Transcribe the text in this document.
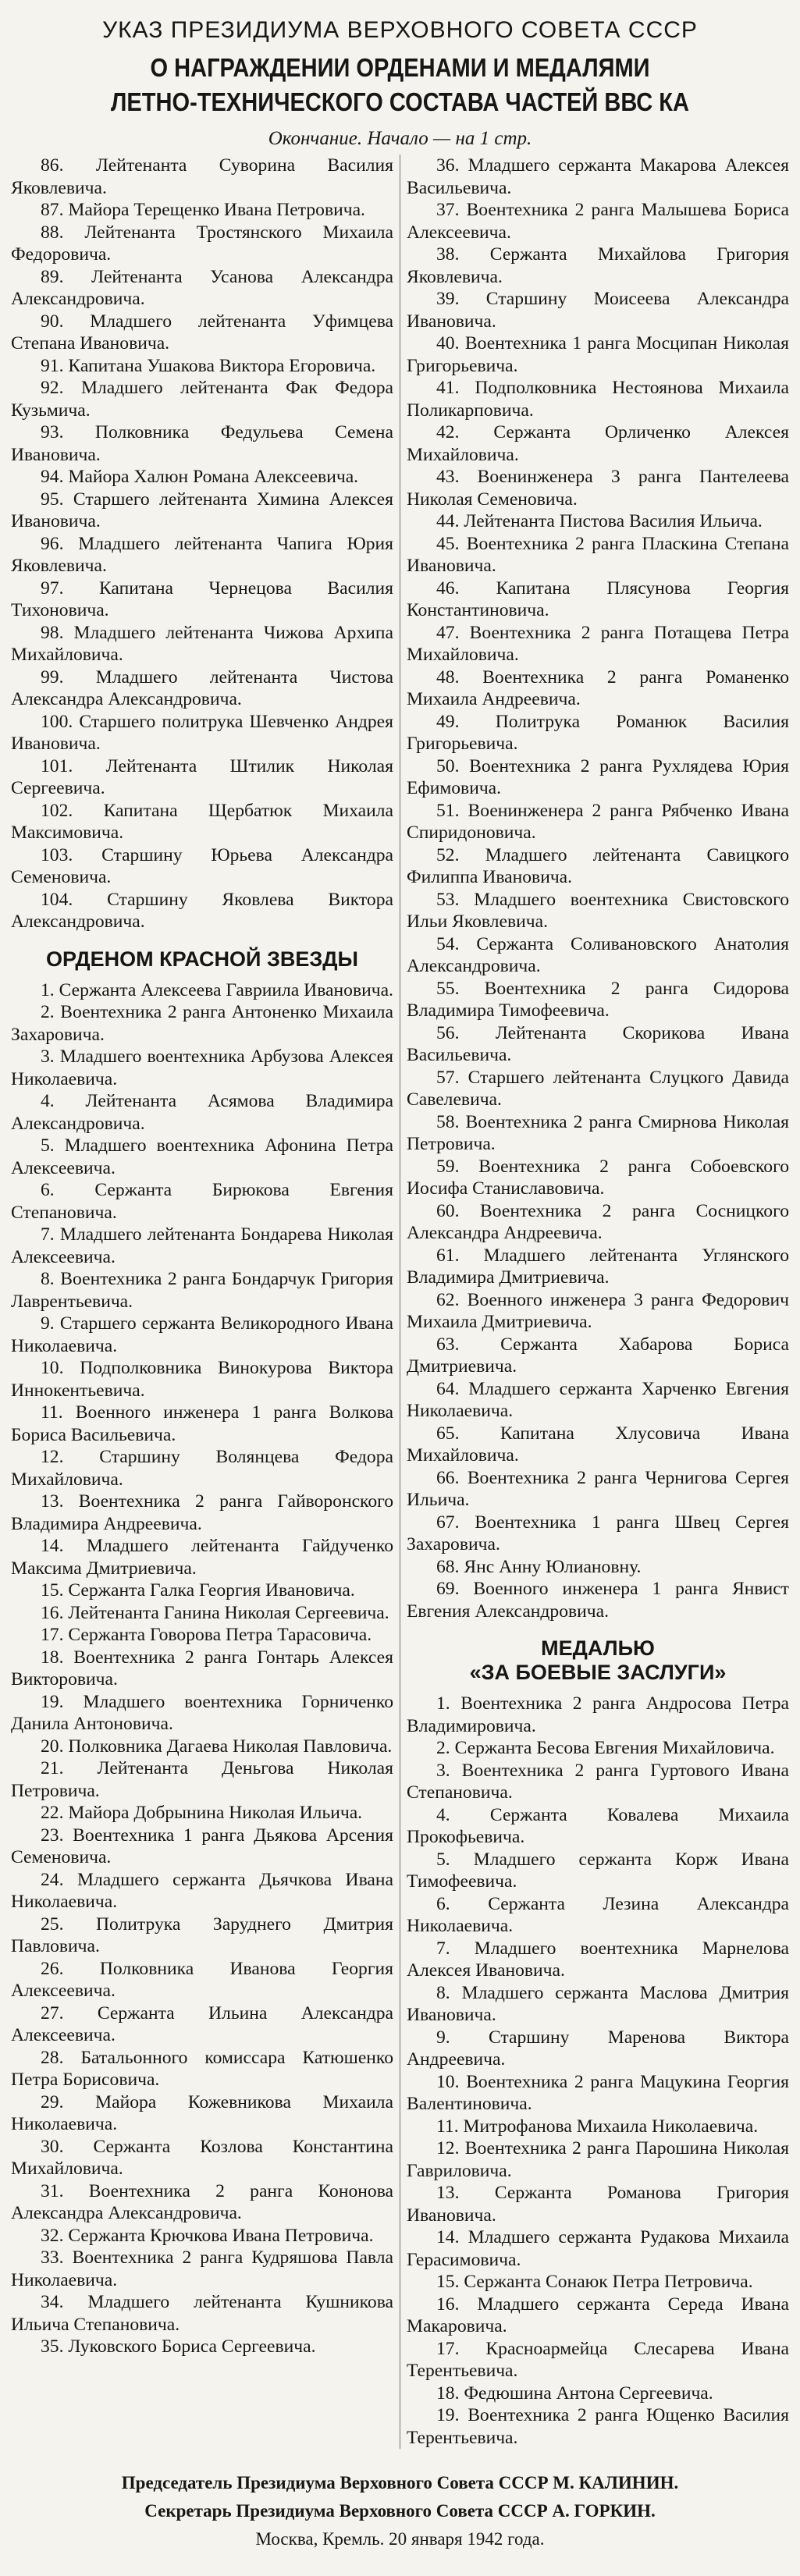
УКАЗ ПРЕЗИДИУМА ВЕРХОВНОГО СОВЕТА СССР
О НАГРАЖДЕНИИ ОРДЕНАМИ И МЕДАЛЯМИ
ЛЕТНО-ТЕХНИЧЕСКОГО СОСТАВА ЧАСТЕЙ ВВС КА
Окончание. Начало — на 1 стр.

86. Лейтенанта Суворина Василия Яковлевича.

87. Майора Терещенко Ивана Петровича.

88. Лейтенанта Тростянского Михаила Федоровича.

89. Лейтенанта Усанова Александра Александровича.

90. Младшего лейтенанта Уфимцева Степана Ивановича.

91. Капитана Ушакова Виктора Егоровича.

92. Младшего лейтенанта Фак Федора Кузьмича.

93. Полковника Федульева Семена Ивановича.

94. Майора Халюн Романа Алексеевича.

95. Старшего лейтенанта Химина Алексея Ивановича.

96. Младшего лейтенанта Чапига Юрия Яковлевича.

97. Капитана Чернецова Василия Тихоновича.

98. Младшего лейтенанта Чижова Архипа Михайловича.

99. Младшего лейтенанта Чистова Александра Александровича.

100. Старшего политрука Шевченко Андрея Ивановича.

101. Лейтенанта Штилик Николая Сергеевича.

102. Капитана Щербатюк Михаила Максимовича.

103. Старшину Юрьева Александра Семеновича.

104. Старшину Яковлева Виктора Александровича.

ОРДЕНОМ КРАСНОЙ ЗВЕЗДЫ

1. Сержанта Алексеева Гавриила Ивановича.

2. Воентехника 2 ранга Антоненко Михаила Захаровича.

3. Младшего воентехника Арбузова Алексея Николаевича.

4. Лейтенанта Асямова Владимира Александровича.

5. Младшего воентехника Афонина Петра Алексеевича.

6. Сержанта Бирюкова Евгения Степановича.

7. Младшего лейтенанта Бондарева Николая Алексеевича.

8. Воентехника 2 ранга Бондарчук Григория Лаврентьевича.

9. Старшего сержанта Великородного Ивана Николаевича.

10. Подполковника Винокурова Виктора Иннокентьевича.

11. Военного инженера 1 ранга Волкова Бориса Васильевича.

12. Старшину Волянцева Федора Михайловича.

13. Воентехника 2 ранга Гайворонского Владимира Андреевича.

14. Младшего лейтенанта Гайдученко Максима Дмитриевича.

15. Сержанта Галка Георгия Ивановича.

16. Лейтенанта Ганина Николая Сергеевича.

17. Сержанта Говорова Петра Тарасовича.

18. Воентехника 2 ранга Гонтарь Алексея Викторовича.

19. Младшего воентехника Горниченко Данила Антоновича.

20. Полковника Дагаева Николая Павловича.

21. Лейтенанта Деньгова Николая Петровича.

22. Майора Добрынина Николая Ильича.

23. Воентехника 1 ранга Дьякова Арсения Семеновича.

24. Младшего сержанта Дьячкова Ивана Николаевича.

25. Политрука Заруднего Дмитрия Павловича.

26. Полковника Иванова Георгия Алексеевича.

27. Сержанта Ильина Александра Алексеевича.

28. Батальонного комиссара Катюшенко Петра Борисовича.

29. Майора Кожевникова Михаила Николаевича.

30. Сержанта Козлова Константина Михайловича.

31. Воентехника 2 ранга Кононова Александра Александровича.

32. Сержанта Крючкова Ивана Петровича.

33. Воентехника 2 ранга Кудряшова Павла Николаевича.

34. Младшего лейтенанта Кушникова Ильича Степановича.

35. Луковского Бориса Сергеевича.

36. Младшего сержанта Макарова Алексея Васильевича.

37. Воентехника 2 ранга Малышева Бориса Алексеевича.

38. Сержанта Михайлова Григория Яковлевича.

39. Старшину Моисеева Александра Ивановича.

40. Воентехника 1 ранга Мосципан Николая Григорьевича.

41. Подполковника Нестоянова Михаила Поликарповича.

42. Сержанта Орличенко Алексея Михайловича.

43. Военинженера 3 ранга Пантелеева Николая Семеновича.

44. Лейтенанта Пистова Василия Ильича.

45. Воентехника 2 ранга Пласкина Степана Ивановича.

46. Капитана Плясунова Георгия Константиновича.

47. Воентехника 2 ранга Потащева Петра Михайловича.

48. Воентехника 2 ранга Романенко Михаила Андреевича.

49. Политрука Романюк Василия Григорьевича.

50. Воентехника 2 ранга Рухлядева Юрия Ефимовича.

51. Военинженера 2 ранга Рябченко Ивана Спиридоновича.

52. Младшего лейтенанта Савицкого Филиппа Ивановича.

53. Младшего воентехника Свистовского Ильи Яковлевича.

54. Сержанта Соливановского Анатолия Александровича.

55. Воентехника 2 ранга Сидорова Владимира Тимофеевича.

56. Лейтенанта Скорикова Ивана Васильевича.

57. Старшего лейтенанта Слуцкого Давида Савелевича.

58. Воентехника 2 ранга Смирнова Николая Петровича.

59. Воентехника 2 ранга Собоевского Иосифа Станиславовича.

60. Воентехника 2 ранга Сосницкого Александра Андреевича.

61. Младшего лейтенанта Углянского Владимира Дмитриевича.

62. Военного инженера 3 ранга Федорович Михаила Дмитриевича.

63. Сержанта Хабарова Бориса Дмитриевича.

64. Младшего сержанта Харченко Евгения Николаевича.

65. Капитана Хлусовича Ивана Михайловича.

66. Воентехника 2 ранга Чернигова Сергея Ильича.

67. Воентехника 1 ранга Швец Сергея Захаровича.

68. Янс Анну Юлиановну.

69. Военного инженера 1 ранга Янвист Евгения Александровича.

МЕДАЛЬЮ
«ЗА БОЕВЫЕ ЗАСЛУГИ»

1. Воентехника 2 ранга Андросова Петра Владимировича.

2. Сержанта Бесова Евгения Михайловича.

3. Воентехника 2 ранга Гуртового Ивана Степановича.

4. Сержанта Ковалева Михаила Прокофьевича.

5. Младшего сержанта Корж Ивана Тимофеевича.

6. Сержанта Лезина Александра Николаевича.

7. Младшего воентехника Марнелова Алексея Ивановича.

8. Младшего сержанта Маслова Дмитрия Ивановича.

9. Старшину Маренова Виктора Андреевича.

10. Воентехника 2 ранга Мацукина Георгия Валентиновича.

11. Митрофанова Михаила Николаевича.

12. Воентехника 2 ранга Парошина Николая Гавриловича.

13. Сержанта Романова Григория Ивановича.

14. Младшего сержанта Рудакова Михаила Герасимовича.

15. Сержанта Сонаюк Петра Петровича.

16. Младшего сержанта Середа Ивана Макаровича.

17. Красноармейца Слесарева Ивана Терентьевича.

18. Федюшина Антона Сергеевича.

19. Воентехника 2 ранга Ющенко Василия Терентьевича.

Председатель Президиума Верховного Совета СССР М. КАЛИНИН.
Секретарь Президиума Верховного Совета СССР А. ГОРКИН.
Москва, Кремль. 20 января 1942 года.
